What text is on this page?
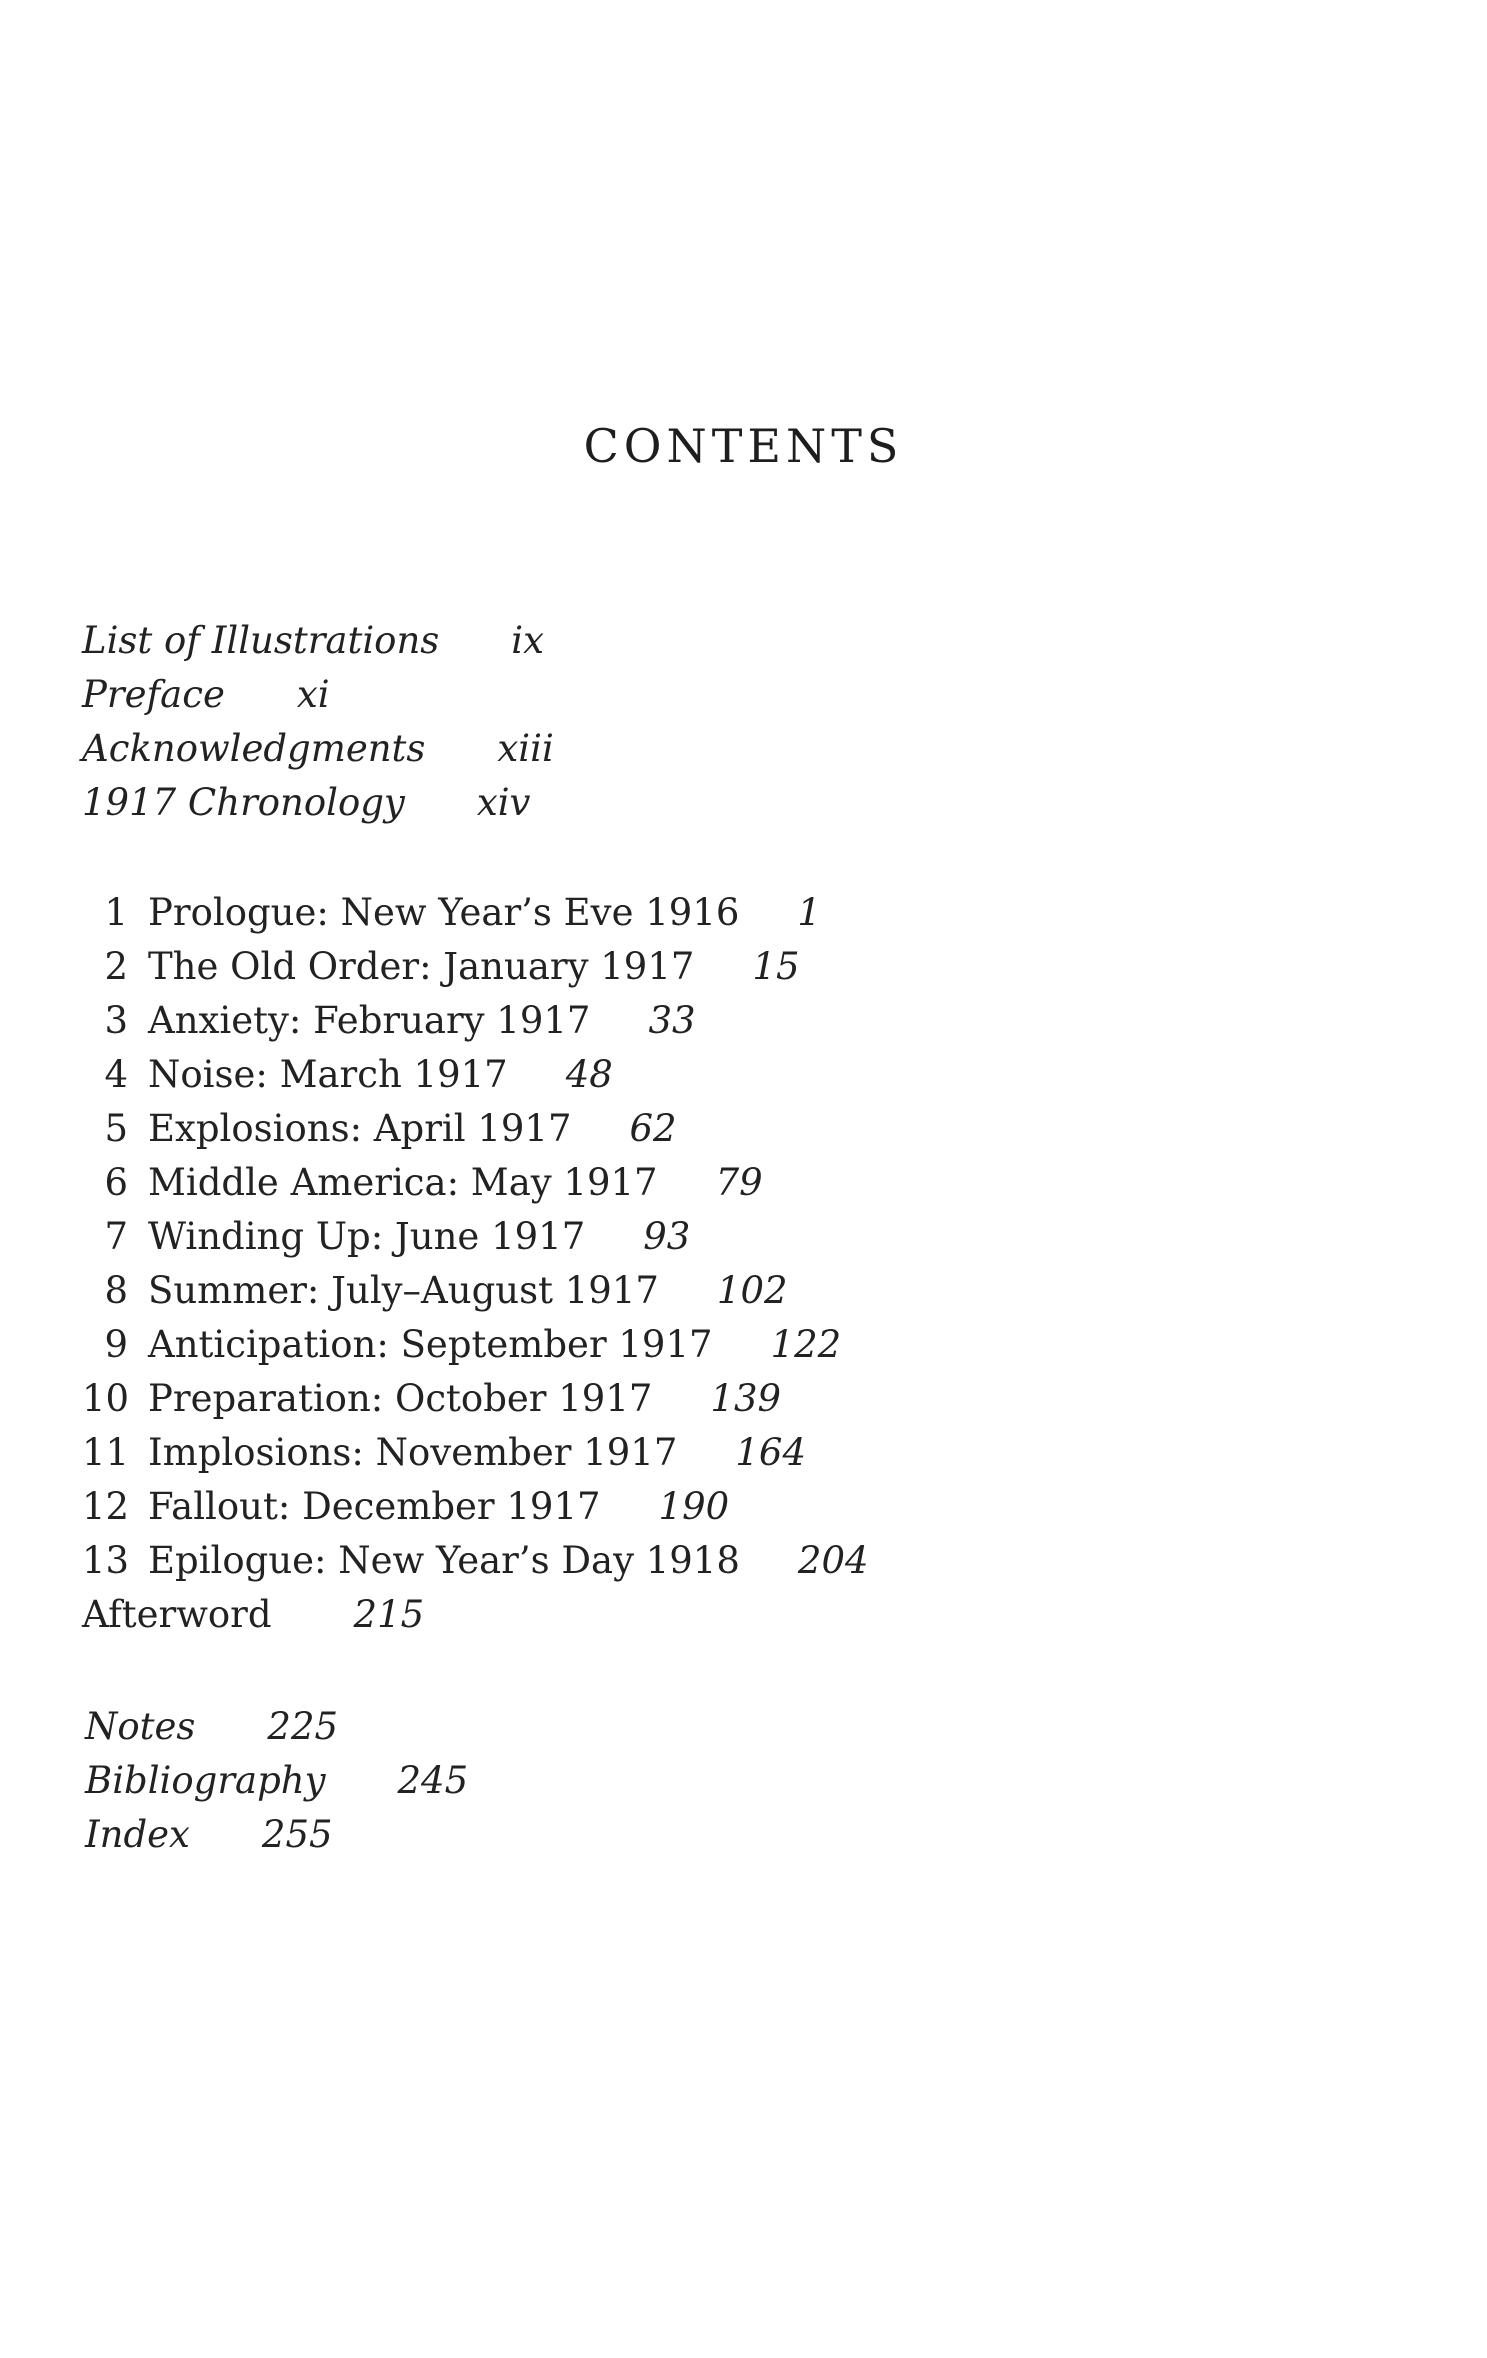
CONTENTS
List of Illustrations ix
Preface xi
Acknowledgments xiii
1917 Chronology xiv
1 Prologue: New Year’s Eve 1916 1
2 The Old Order: January 1917 15
3 Anxiety: February 1917 33
4 Noise: March 1917 48
5 Explosions: April 1917 62
6 Middle America: May 1917 79
7 Winding Up: June 1917 93
8 Summer: July–August 1917 102
9 Anticipation: September 1917 122
10 Preparation: October 1917 139
11 Implosions: November 1917 164
12 Fallout: December 1917 190
13 Epilogue: New Year’s Day 1918 204
Afterword 215
Notes 225
Bibliography 245
Index 255
